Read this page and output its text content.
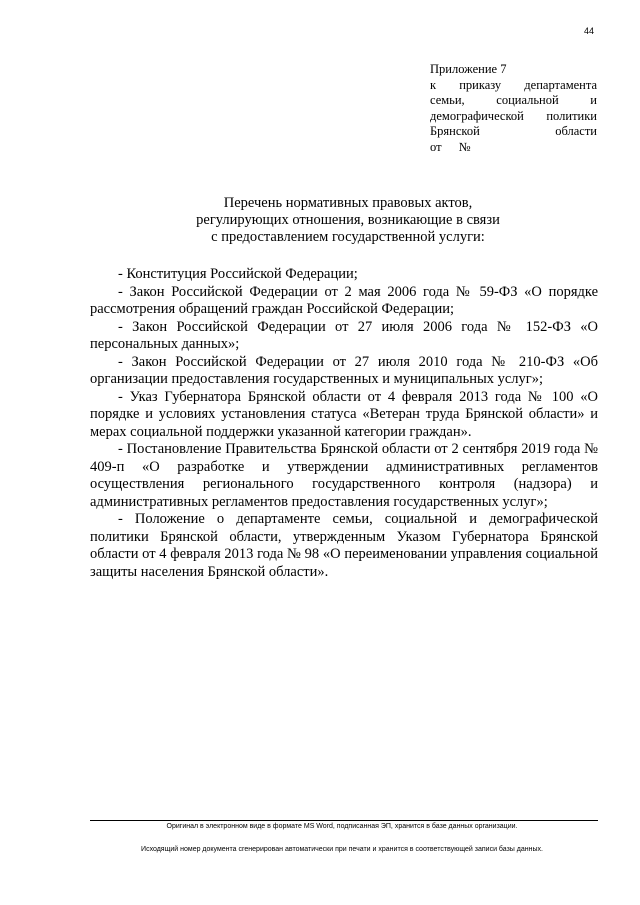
44
Приложение 7
к приказу департамента
семьи, социальной и
демографической политики
Брянской области
от №
Перечень нормативных правовых актов,
регулирующих отношения, возникающие в связи
с предоставлением государственной услуги:

- Конституция Российской Федерации;

- Закон Российской Федерации от 2 мая 2006 года № 59-ФЗ «О порядке рассмотрения обращений граждан Российской Федерации;

- Закон Российской Федерации от 27 июля 2006 года № 152-ФЗ «О персональных данных»;

- Закон Российской Федерации от 27 июля 2010 года № 210-ФЗ «Об организации предоставления государственных и муниципальных услуг»;

- Указ Губернатора Брянской области от 4 февраля 2013 года № 100 «О порядке и условиях установления статуса «Ветеран труда Брянской области» и мерах социальной поддержки указанной категории граждан».

- Постановление Правительства Брянской области от 2 сентября 2019 года № 409-п «О разработке и утверждении административных регламентов осуществления регионального государственного контроля (надзора) и административных регламентов предоставления государственных услуг»;

- Положение о департаменте семьи, социальной и демографической политики Брянской области, утвержденным Указом Губернатора Брянской области от 4 февраля 2013 года № 98 «О переименовании управления социальной защиты населения Брянской области».

Оригинал в электронном виде в формате MS Word, подписанная ЭП, хранится в базе данных организации.
Исходящий номер документа сгенерирован автоматически при печати и хранится в соответствующей записи базы данных.
